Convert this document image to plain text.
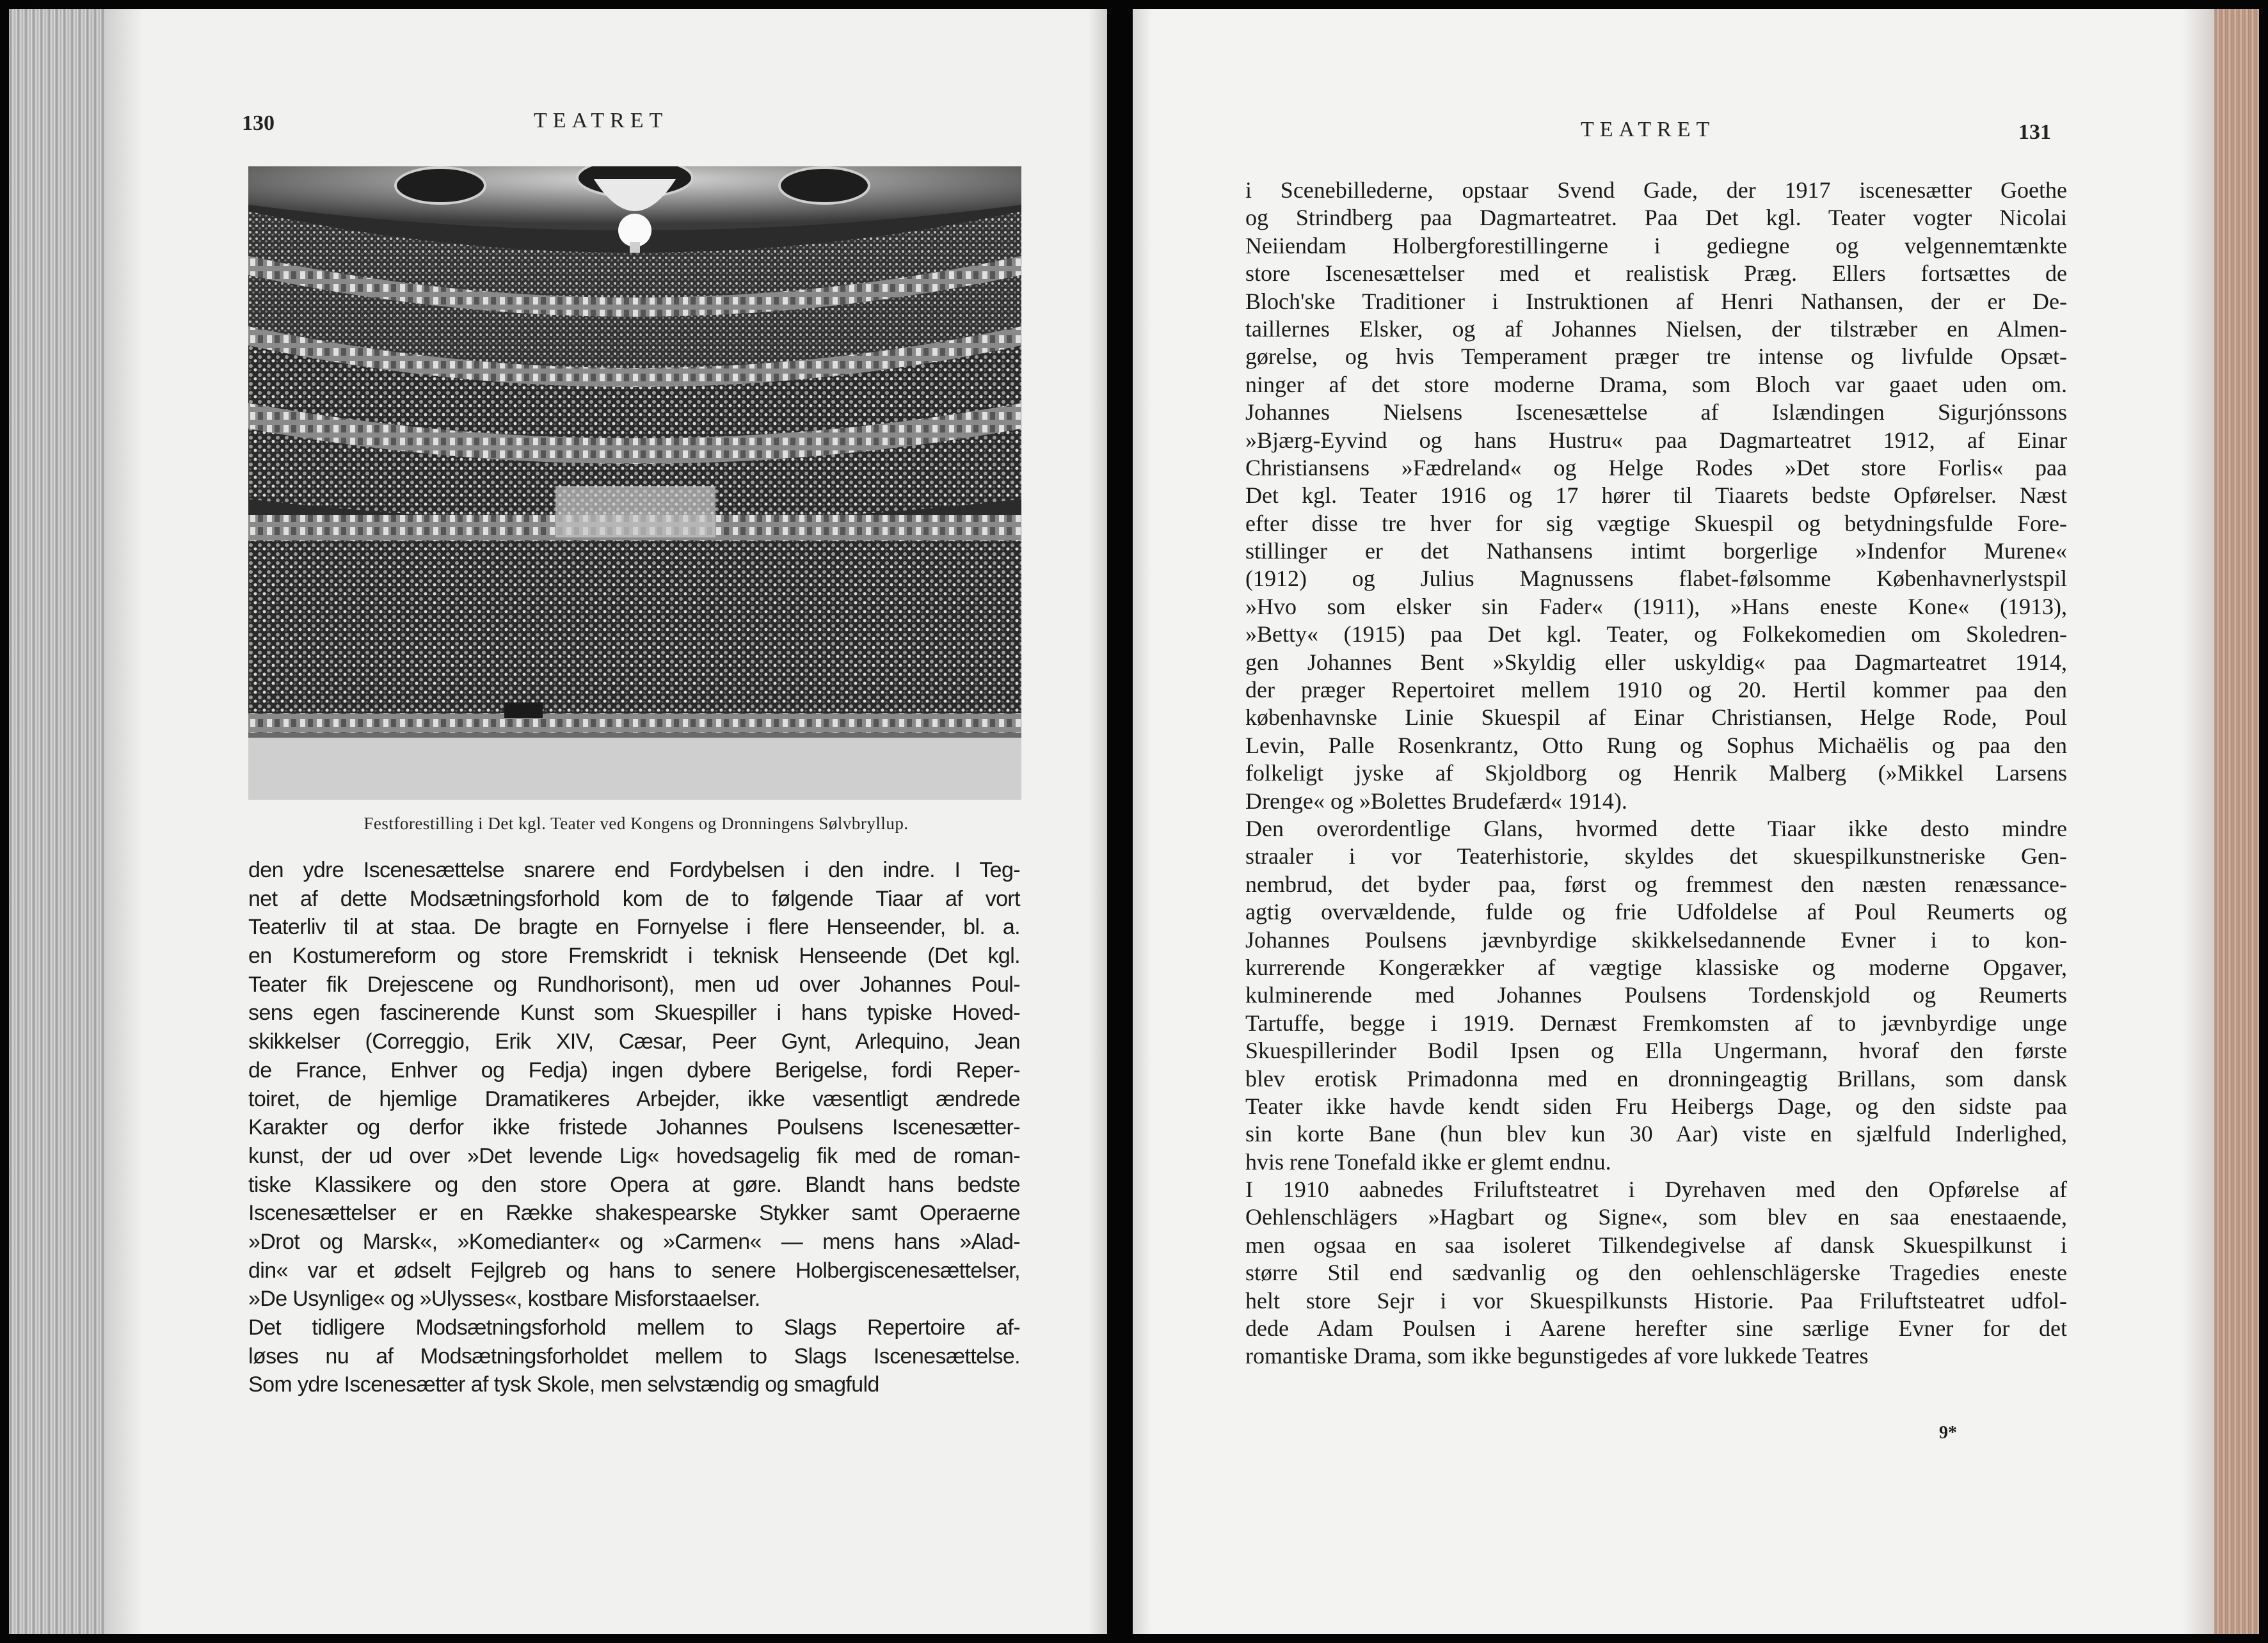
130	TEATRET
Festforestilling i Det kgl. Teater ved Kongens og Dronningens Sølvbryllup.
den ydre Iscenesættelse snarere end Fordybelsen i den indre. I Teg-
net af dette Modsætningsforhold kom de to følgende Tiaar af vort
Teaterliv til at staa. De bragte en Fornyelse i flere Henseender, bl. a.
en Kostumereform og store Fremskridt i teknisk Henseende (Det kgl.
Teater fik Drejescene og Rundhorisont), men ud over Johannes Poul-
sens egen fascinerende Kunst som Skuespiller i hans typiske Hoved-
skikkelser (Correggio, Erik XIV, Cæsar, Peer Gynt, Arlequino, Jean
de France, Enhver og Fedja) ingen dybere Berigelse, fordi Reper-
toiret, de hjemlige Dramatikeres Arbejder, ikke væsentligt ændrede
Karakter og derfor ikke fristede Johannes Poulsens Iscenesætter-
kunst, der ud over »Det levende Lig« hovedsagelig fik med de roman-
tiske Klassikere og den store Opera at gøre. Blandt hans bedste
Iscenesættelser er en Række shakespearske Stykker samt Operaerne
»Drot og Marsk«, »Komedianter« og »Carmen« — mens hans »Alad-
din« var et ødselt Fejlgreb og hans to senere Holbergiscenesættelser,
»De Usynlige« og »Ulysses«, kostbare Misforstaaelser.
Det tidligere Modsætningsforhold mellem to Slags Repertoire af-
løses nu af Modsætningsforholdet mellem to Slags Iscenesættelse.
Som ydre Iscenesætter af tysk Skole, men selvstændig og smagfuld
TEATRET	131
i Scenebillederne, opstaar Svend Gade, der 1917 iscenesætter Goethe
og Strindberg paa Dagmarteatret. Paa Det kgl. Teater vogter Nicolai
Neiiendam Holbergforestillingerne i gediegne og velgennemtænkte
store Iscenesættelser med et realistisk Præg. Ellers fortsættes de
Bloch'ske Traditioner i Instruktionen af Henri Nathansen, der er De-
taillernes Elsker, og af Johannes Nielsen, der tilstræber en Almen-
gørelse, og hvis Temperament præger tre intense og livfulde Opsæt-
ninger af det store moderne Drama, som Bloch var gaaet uden om.
Johannes Nielsens Iscenesættelse af Islændingen Sigurjónssons
»Bjærg-Eyvind og hans Hustru« paa Dagmarteatret 1912, af Einar
Christiansens »Fædreland« og Helge Rodes »Det store Forlis« paa
Det kgl. Teater 1916 og 17 hører til Tiaarets bedste Opførelser. Næst
efter disse tre hver for sig vægtige Skuespil og betydningsfulde Fore-
stillinger er det Nathansens intimt borgerlige »Indenfor Murene«
(1912) og Julius Magnussens flabet-følsomme Københavnerlystspil
»Hvo som elsker sin Fader« (1911), »Hans eneste Kone« (1913),
»Betty« (1915) paa Det kgl. Teater, og Folkekomedien om Skoledren-
gen Johannes Bent »Skyldig eller uskyldig« paa Dagmarteatret 1914,
der præger Repertoiret mellem 1910 og 20. Hertil kommer paa den
københavnske Linie Skuespil af Einar Christiansen, Helge Rode, Poul
Levin, Palle Rosenkrantz, Otto Rung og Sophus Michaëlis og paa den
folkeligt jyske af Skjoldborg og Henrik Malberg (»Mikkel Larsens
Drenge« og »Bolettes Brudefærd« 1914).
Den overordentlige Glans, hvormed dette Tiaar ikke desto mindre
straaler i vor Teaterhistorie, skyldes det skuespilkunstneriske Gen-
nembrud, det byder paa, først og fremmest den næsten renæssance-
agtig overvældende, fulde og frie Udfoldelse af Poul Reumerts og
Johannes Poulsens jævnbyrdige skikkelsedannende Evner i to kon-
kurrerende Kongerækker af vægtige klassiske og moderne Opgaver,
kulminerende med Johannes Poulsens Tordenskjold og Reumerts
Tartuffe, begge i 1919. Dernæst Fremkomsten af to jævnbyrdige unge
Skuespillerinder Bodil Ipsen og Ella Ungermann, hvoraf den første
blev erotisk Primadonna med en dronningeagtig Brillans, som dansk
Teater ikke havde kendt siden Fru Heibergs Dage, og den sidste paa
sin korte Bane (hun blev kun 30 Aar) viste en sjælfuld Inderlighed,
hvis rene Tonefald ikke er glemt endnu.
I 1910 aabnedes Friluftsteatret i Dyrehaven med den Opførelse af
Oehlenschlägers »Hagbart og Signe«, som blev en saa enestaaende,
men ogsaa en saa isoleret Tilkendegivelse af dansk Skuespilkunst i
større Stil end sædvanlig og den oehlenschlägerske Tragedies eneste
helt store Sejr i vor Skuespilkunsts Historie. Paa Friluftsteatret udfol-
dede Adam Poulsen i Aarene herefter sine særlige Evner for det
romantiske Drama, som ikke begunstigedes af vore lukkede Teatres
9*
